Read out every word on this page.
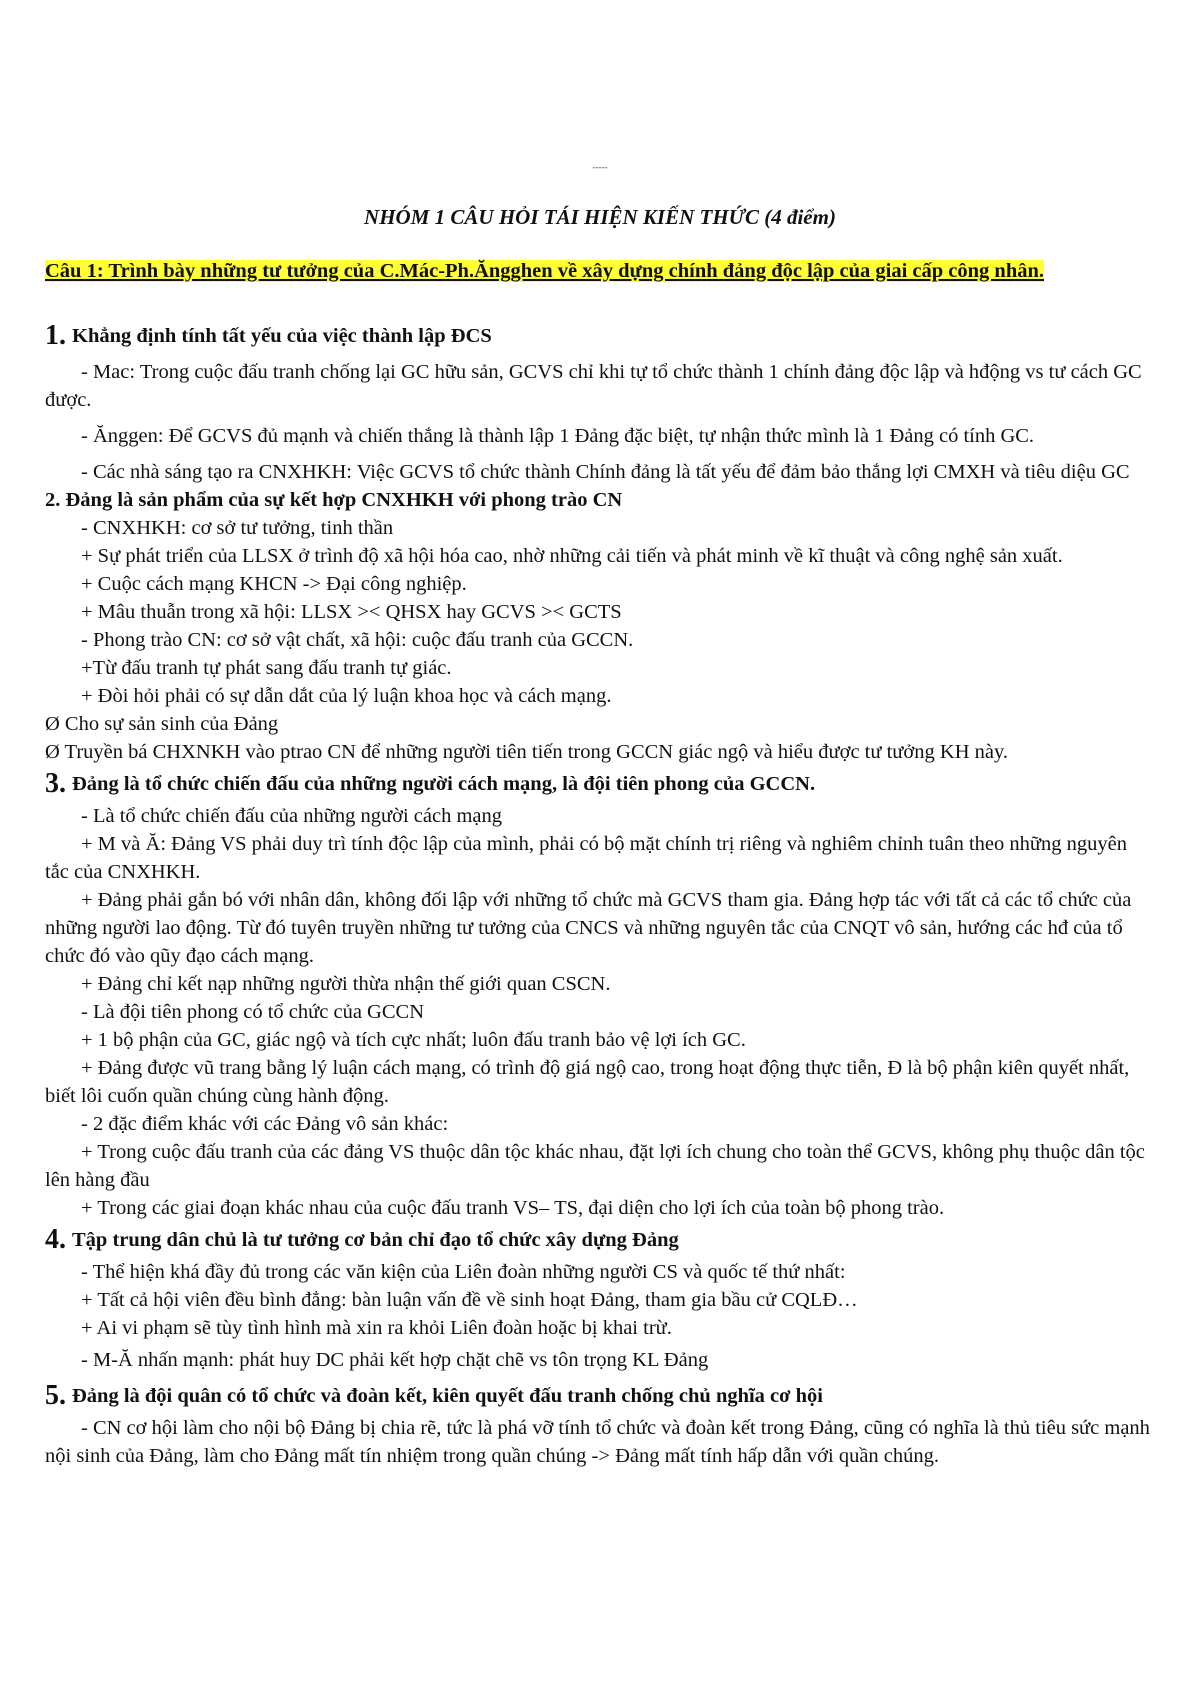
-----
NHÓM 1 CÂU HỎI TÁI HIỆN KIẾN THỨC (4 điểm)
Câu 1: Trình bày những tư tưởng của C.Mác-Ph.Ăngghen về xây dựng chính đảng độc lập của giai cấp công nhân.

1. Khẳng định tính tất yếu của việc thành lập ĐCS

- Mac: Trong cuộc đấu tranh chống lại GC hữu sản, GCVS chỉ khi tự tổ chức thành 1 chính đảng độc lập và hđộng vs tư cách GC được.

- Ănggen: Để GCVS đủ mạnh và chiến thắng là thành lập 1 Đảng đặc biệt, tự nhận thức mình là 1 Đảng có tính GC.

- Các nhà sáng tạo ra CNXHKH: Việc GCVS tổ chức thành Chính đảng là tất yếu để đảm bảo thắng lợi CMXH và tiêu diệu GC

2. Đảng là sản phẩm của sự kết hợp CNXHKH với phong trào CN

- CNXHKH: cơ sở tư tưởng, tinh thần

+ Sự phát triển của LLSX ở trình độ xã hội hóa cao, nhờ những cải tiến và phát minh về kĩ thuật và công nghệ sản xuất.

+ Cuộc cách mạng KHCN -> Đại công nghiệp.

+ Mâu thuẫn trong xã hội: LLSX >< QHSX hay GCVS >< GCTS

- Phong trào CN: cơ sở vật chất, xã hội: cuộc đấu tranh của GCCN.

+Từ đấu tranh tự phát sang đấu tranh tự giác.

+ Đòi hỏi phải có sự dẫn dắt của lý luận khoa học và cách mạng.

Ø Cho sự sản sinh của Đảng

Ø Truyền bá CHXNKH vào ptrao CN để những người tiên tiến trong GCCN giác ngộ và hiểu được tư tưởng KH này.

3. Đảng là tổ chức chiến đấu của những người cách mạng, là đội tiên phong của GCCN.

- Là tổ chức chiến đấu của những người cách mạng

+ M và Ă: Đảng VS phải duy trì tính độc lập của mình, phải có bộ mặt chính trị riêng và nghiêm chỉnh tuân theo những nguyên tắc của CNXHKH.

+ Đảng phải gắn bó với nhân dân, không đối lập với những tổ chức mà GCVS tham gia. Đảng hợp tác với tất cả các tổ chức của những người lao động. Từ đó tuyên truyền những tư tưởng của CNCS và những nguyên tắc của CNQT vô sản, hướng các hđ của tổ chức đó vào qũy đạo cách mạng.

+ Đảng chỉ kết nạp những người thừa nhận thế giới quan CSCN.

- Là đội tiên phong có tổ chức của GCCN

+ 1 bộ phận của GC, giác ngộ và tích cực nhất; luôn đấu tranh bảo vệ lợi ích GC.

+ Đảng được vũ trang bằng lý luận cách mạng, có trình độ giá ngộ cao, trong hoạt động thực tiễn, Đ là bộ phận kiên quyết nhất, biết lôi cuốn quần chúng cùng hành động.

- 2 đặc điểm khác với các Đảng vô sản khác:

+ Trong cuộc đấu tranh của các đảng VS thuộc dân tộc khác nhau, đặt lợi ích chung cho toàn thể GCVS, không phụ thuộc dân tộc lên hàng đầu

+ Trong các giai đoạn khác nhau của cuộc đấu tranh VS– TS, đại diện cho lợi ích của toàn bộ phong trào.

4. Tập trung dân chủ là tư tưởng cơ bản chỉ đạo tổ chức xây dựng Đảng

- Thể hiện khá đầy đủ trong các văn kiện của Liên đoàn những người CS và quốc tế thứ nhất:

+ Tất cả hội viên đều bình đẳng: bàn luận vấn đề về sinh hoạt Đảng, tham gia bầu cử CQLĐ…

+ Ai vi phạm sẽ tùy tình hình mà xin ra khỏi Liên đoàn hoặc bị khai trừ.

- M-Ă nhấn mạnh: phát huy DC phải kết hợp chặt chẽ vs tôn trọng KL Đảng

5. Đảng là đội quân có tổ chức và đoàn kết, kiên quyết đấu tranh chống chủ nghĩa cơ hội

- CN cơ hội làm cho nội bộ Đảng bị chia rẽ, tức là phá vỡ tính tổ chức và đoàn kết trong Đảng, cũng có nghĩa là thủ tiêu sức mạnh nội sinh của Đảng, làm cho Đảng mất tín nhiệm trong quần chúng -> Đảng mất tính hấp dẫn với quần chúng.
